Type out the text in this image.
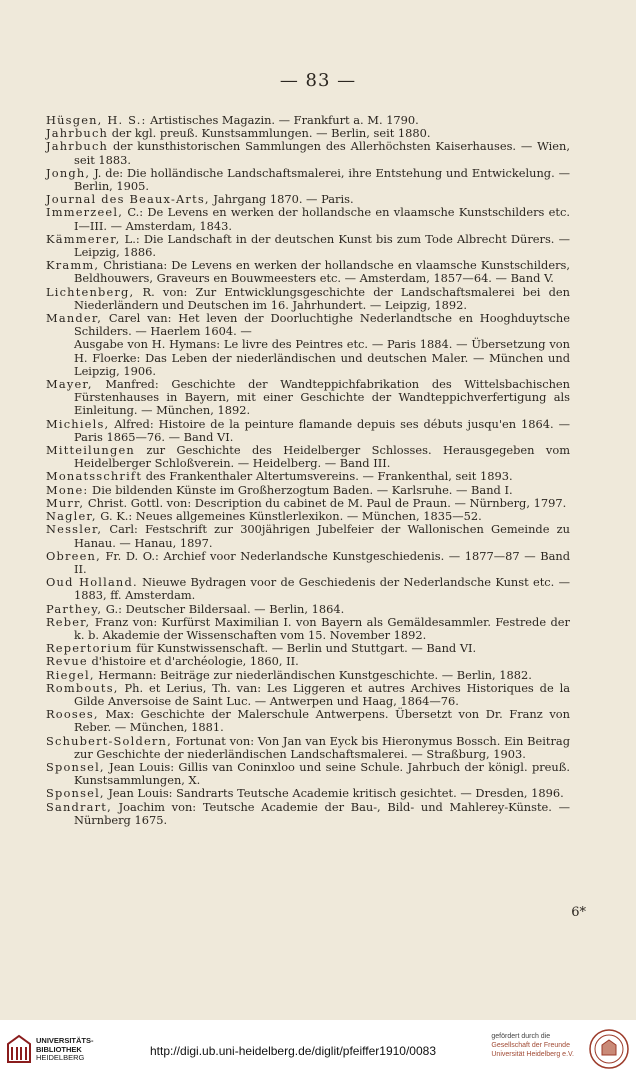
— 83 —

Hüsgen, H. S.: Artistisches Magazin. — Frankfurt a. M. 1790.

Jahrbuch der kgl. preuß. Kunstsammlungen. — Berlin, seit 1880.

Jahrbuch der kunsthistorischen Sammlungen des Allerhöchsten Kaiserhauses. — Wien, seit 1883.

Jongh, J. de: Die holländische Landschaftsmalerei, ihre Entstehung und Entwickelung. — Berlin, 1905.

Journal des Beaux-Arts, Jahrgang 1870. — Paris.

Immerzeel, C.: De Levens en werken der hollandsche en vlaamsche Kunstschilders etc. I—III. — Amsterdam, 1843.

Kämmerer, L.: Die Landschaft in der deutschen Kunst bis zum Tode Albrecht Dürers. — Leipzig, 1886.

Kramm, Christiana: De Levens en werken der hollandsche en vlaamsche Kunstschilders, Beldhouwers, Graveurs en Bouwmeesters etc. — Amsterdam, 1857—64. — Band V.

Lichtenberg, R. von: Zur Entwicklungsgeschichte der Landschaftsmalerei bei den Niederländern und Deutschen im 16. Jahrhundert. — Leipzig, 1892.

Mander, Carel van: Het leven der Doorluchtighe Nederlandtsche en Hooghduytsche Schilders. — Haerlem 1604. —

Ausgabe von H. Hymans: Le livre des Peintres etc. — Paris 1884. — Übersetzung von H. Floerke: Das Leben der niederländischen und deutschen Maler. — München und Leipzig, 1906.

Mayer, Manfred: Geschichte der Wandteppichfabrikation des Wittelsbachischen Fürstenhauses in Bayern, mit einer Geschichte der Wandteppichverfertigung als Einleitung. — München, 1892.

Michiels, Alfred: Histoire de la peinture flamande depuis ses débuts jusqu'en 1864. — Paris 1865—76. — Band VI.

Mitteilungen zur Geschichte des Heidelberger Schlosses. Herausgegeben vom Heidelberger Schloßverein. — Heidelberg. — Band III.

Monatsschrift des Frankenthaler Altertumsvereins. — Frankenthal, seit 1893.

Mone: Die bildenden Künste im Großherzogtum Baden. — Karlsruhe. — Band I.

Murr, Christ. Gottl. von: Description du cabinet de M. Paul de Praun. — Nürnberg, 1797.

Nagler, G. K.: Neues allgemeines Künstlerlexikon. — München, 1835—52.

Nessler, Carl: Festschrift zur 300jährigen Jubelfeier der Wallonischen Gemeinde zu Hanau. — Hanau, 1897.

Obreen, Fr. D. O.: Archief voor Nederlandsche Kunstgeschiedenis. — 1877—87 — Band II.

Oud Holland. Nieuwe Bydragen voor de Geschiedenis der Nederlandsche Kunst etc. — 1883, ff. Amsterdam.

Parthey, G.: Deutscher Bildersaal. — Berlin, 1864.

Reber, Franz von: Kurfürst Maximilian I. von Bayern als Gemäldesammler. Festrede der k. b. Akademie der Wissenschaften vom 15. November 1892.

Repertorium für Kunstwissenschaft. — Berlin und Stuttgart. — Band VI.

Revue d'histoire et d'archéologie, 1860, II.

Riegel, Hermann: Beiträge zur niederländischen Kunstgeschichte. — Berlin, 1882.

Rombouts, Ph. et Lerius, Th. van: Les Liggeren et autres Archives Historiques de la Gilde Anversoise de Saint Luc. — Antwerpen und Haag, 1864—76.

Rooses, Max: Geschichte der Malerschule Antwerpens. Übersetzt von Dr. Franz von Reber. — München, 1881.

Schubert-Soldern, Fortunat von: Von Jan van Eyck bis Hieronymus Bossch. Ein Beitrag zur Geschichte der niederländischen Landschaftsmalerei. — Straßburg, 1903.

Sponsel, Jean Louis: Gillis van Coninxloo und seine Schule. Jahrbuch der königl. preuß. Kunstsammlungen, X.

Sponsel, Jean Louis: Sandrarts Teutsche Academie kritisch gesichtet. — Dresden, 1896.

Sandrart, Joachim von: Teutsche Academie der Bau-, Bild- und Mahlerey-Künste. — Nürnberg 1675.

6*
UNIVERSITÄTS-
BIBLIOTHEK
HEIDELBERG	http://digi.ub.uni-heidelberg.de/diglit/pfeiffer1910/0083
gefördert durch die
Gesellschaft der Freunde
Universität Heidelberg e.V.
